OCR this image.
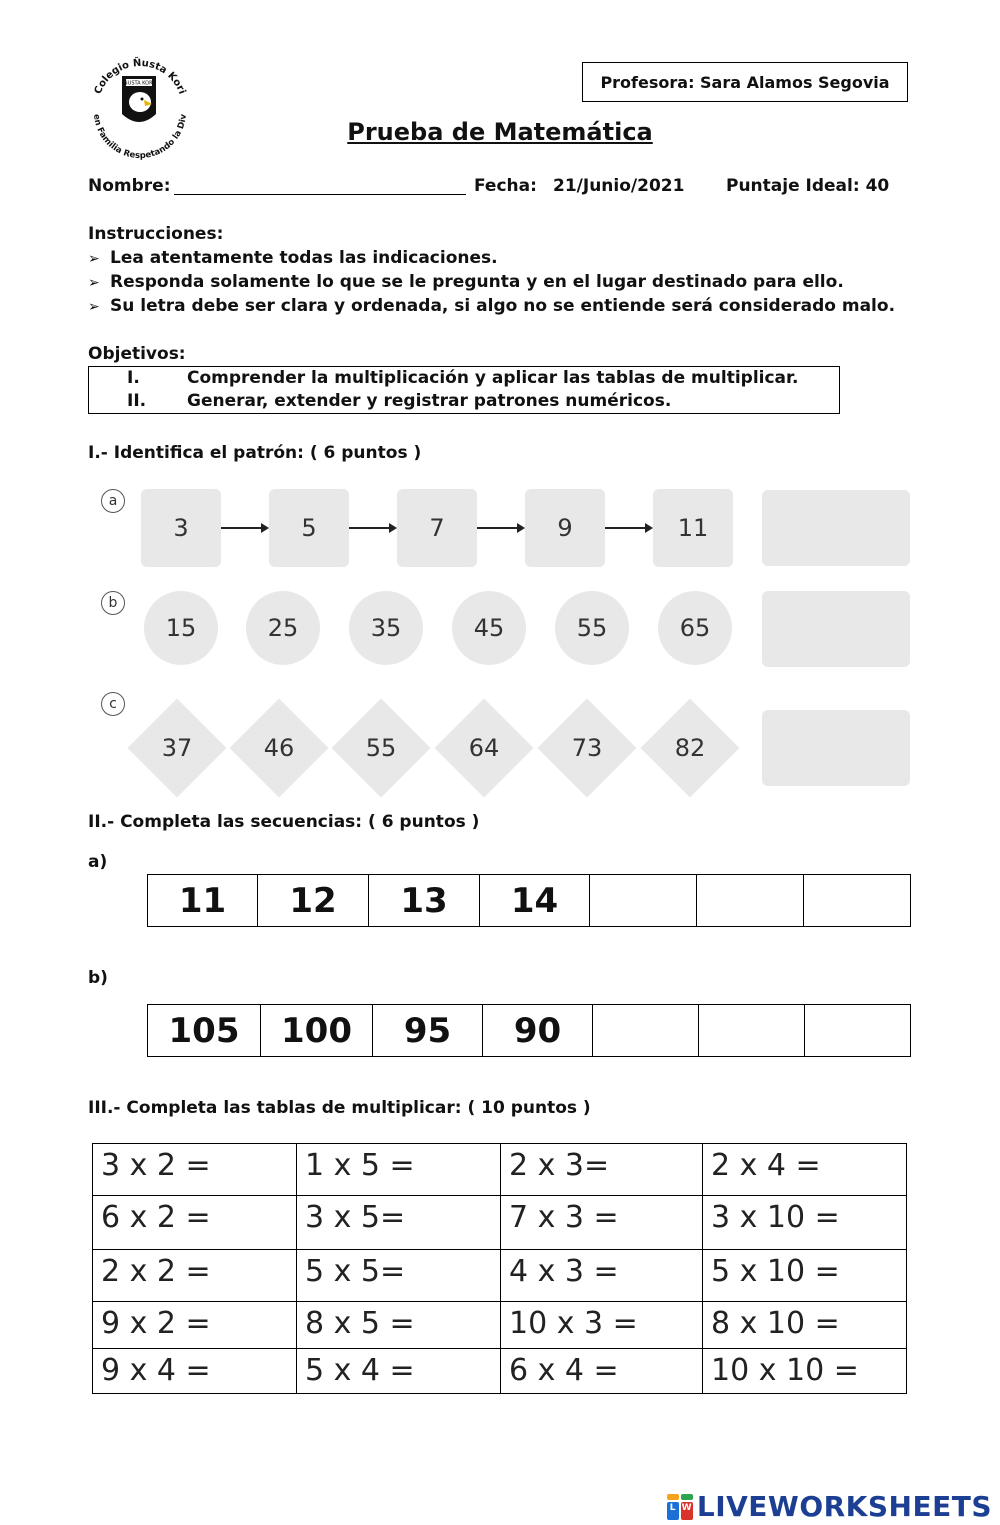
Colegio Ñusta Kori
en Familia Respetando la Div
ÑUSTA KORI	Profesora: Sara Alamos Segovia
Prueba de Matemática
Nombre:	Fecha: 21/Junio/2021 Puntaje Ideal: 40
Instrucciones:
➢ Lea atentamente todas las indicaciones.
➢ Responda solamente lo que se le pregunta y en el lugar destinado para ello.
➢ Su letra debe ser clara y ordenada, si algo no se entiende será considerado malo.
Objetivos:
I.	Comprender la multiplicación y aplicar las tablas de multiplicar.
II.	Generar, extender y registrar patrones numéricos.
I.- Identifica el patrón: ( 6 puntos )
a
3	5	7	9	11
b
15	25	35	45	55	65
c
37	46	55	64	73	82
II.- Completa las secuencias: ( 6 puntos )
a)
11	12	13	14			
b)
105	100	95	90			
III.- Completa las tablas de multiplicar: ( 10 puntos )
3 x 2 =	1 x 5 =	2 x 3=	2 x 4 =
6 x 2 =	3 x 5=	7 x 3 =	3 x 10 =
2 x 2 =	5 x 5=	4 x 3 =	5 x 10 =
9 x 2 =	8 x 5 =	10 x 3 =	8 x 10 =
9 x 4 =	5 x 4 =	6 x 4 =	10 x 10 =
L W LIVEWORKSHEETS
